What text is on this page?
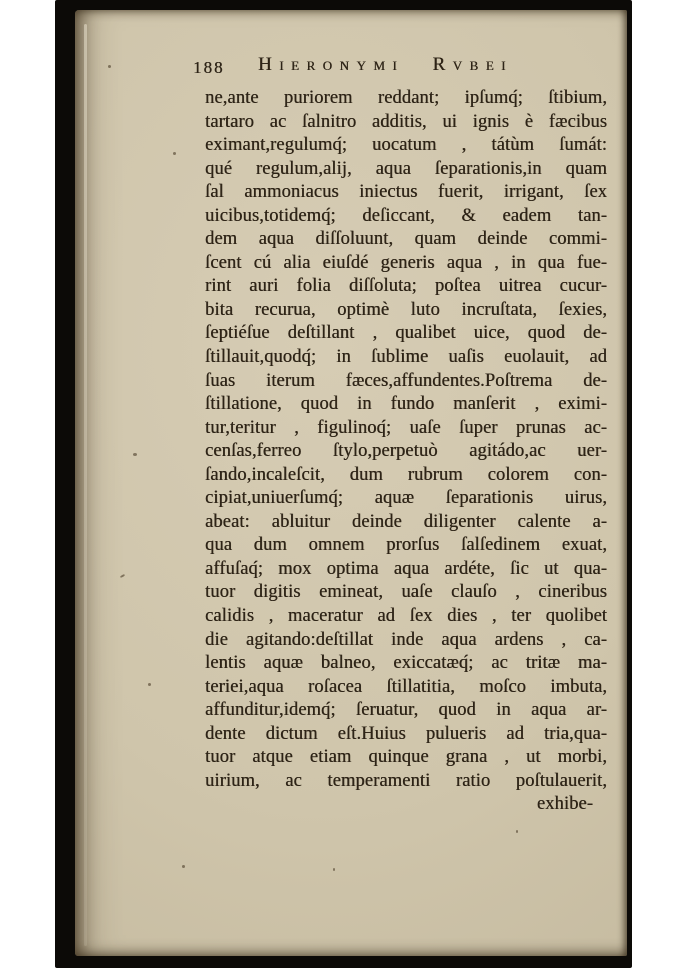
188 Hieronymi Rvbei
ne,ante puriorem reddant; ipſumq́; ſtibium,
tartaro ac ſalnitro additis, ui ignis è fæcibus
eximant,regulumq́; uocatum , tátùm ſumát:
qué regulum,alij, aqua ſeparationis,in quam
ſal ammoniacus iniectus fuerit, irrigant, ſex
uicibus,totidemq́; deſiccant, & eadem tan-
dem aqua diſſoluunt, quam deinde commi-
ſcent cú alia eiuſdé generis aqua , in qua fue-
rint auri folia diſſoluta; poſtea uitrea cucur-
bita recurua, optimè luto incruſtata, ſexies,
ſeptiéſue deſtillant , qualibet uice, quod de-
ſtillauit,quodq́; in ſublime uaſis euolauit, ad
ſuas iterum fæces,affundentes.Poſtrema de-
ſtillatione, quod in fundo manſerit , eximi-
tur,teritur , figulinoq́; uaſe ſuper prunas ac-
cenſas,ferreo ſtylo,perpetuò agitádo,ac uer-
ſando,incaleſcit, dum rubrum colorem con-
cipiat,uniuerſumq́; aquæ ſeparationis uirus,
abeat: abluitur deinde diligenter calente a-
qua dum omnem prorſus ſalſedinem exuat,
affuſaq́; mox optima aqua ardéte, ſic ut qua-
tuor digitis emineat, uaſe clauſo , cineribus
calidis , maceratur ad ſex dies , ter quolibet
die agitando:deſtillat inde aqua ardens , ca-
lentis aquæ balneo, exiccatæq́; ac tritæ ma-
teriei,aqua roſacea ſtillatitia, moſco imbuta,
affunditur,idemq́; ſeruatur, quod in aqua ar-
dente dictum eſt.Huius pulueris ad tria,qua-
tuor atque etiam quinque grana , ut morbi,
uirium, ac temperamenti ratio poſtulauerit,
exhibe-
